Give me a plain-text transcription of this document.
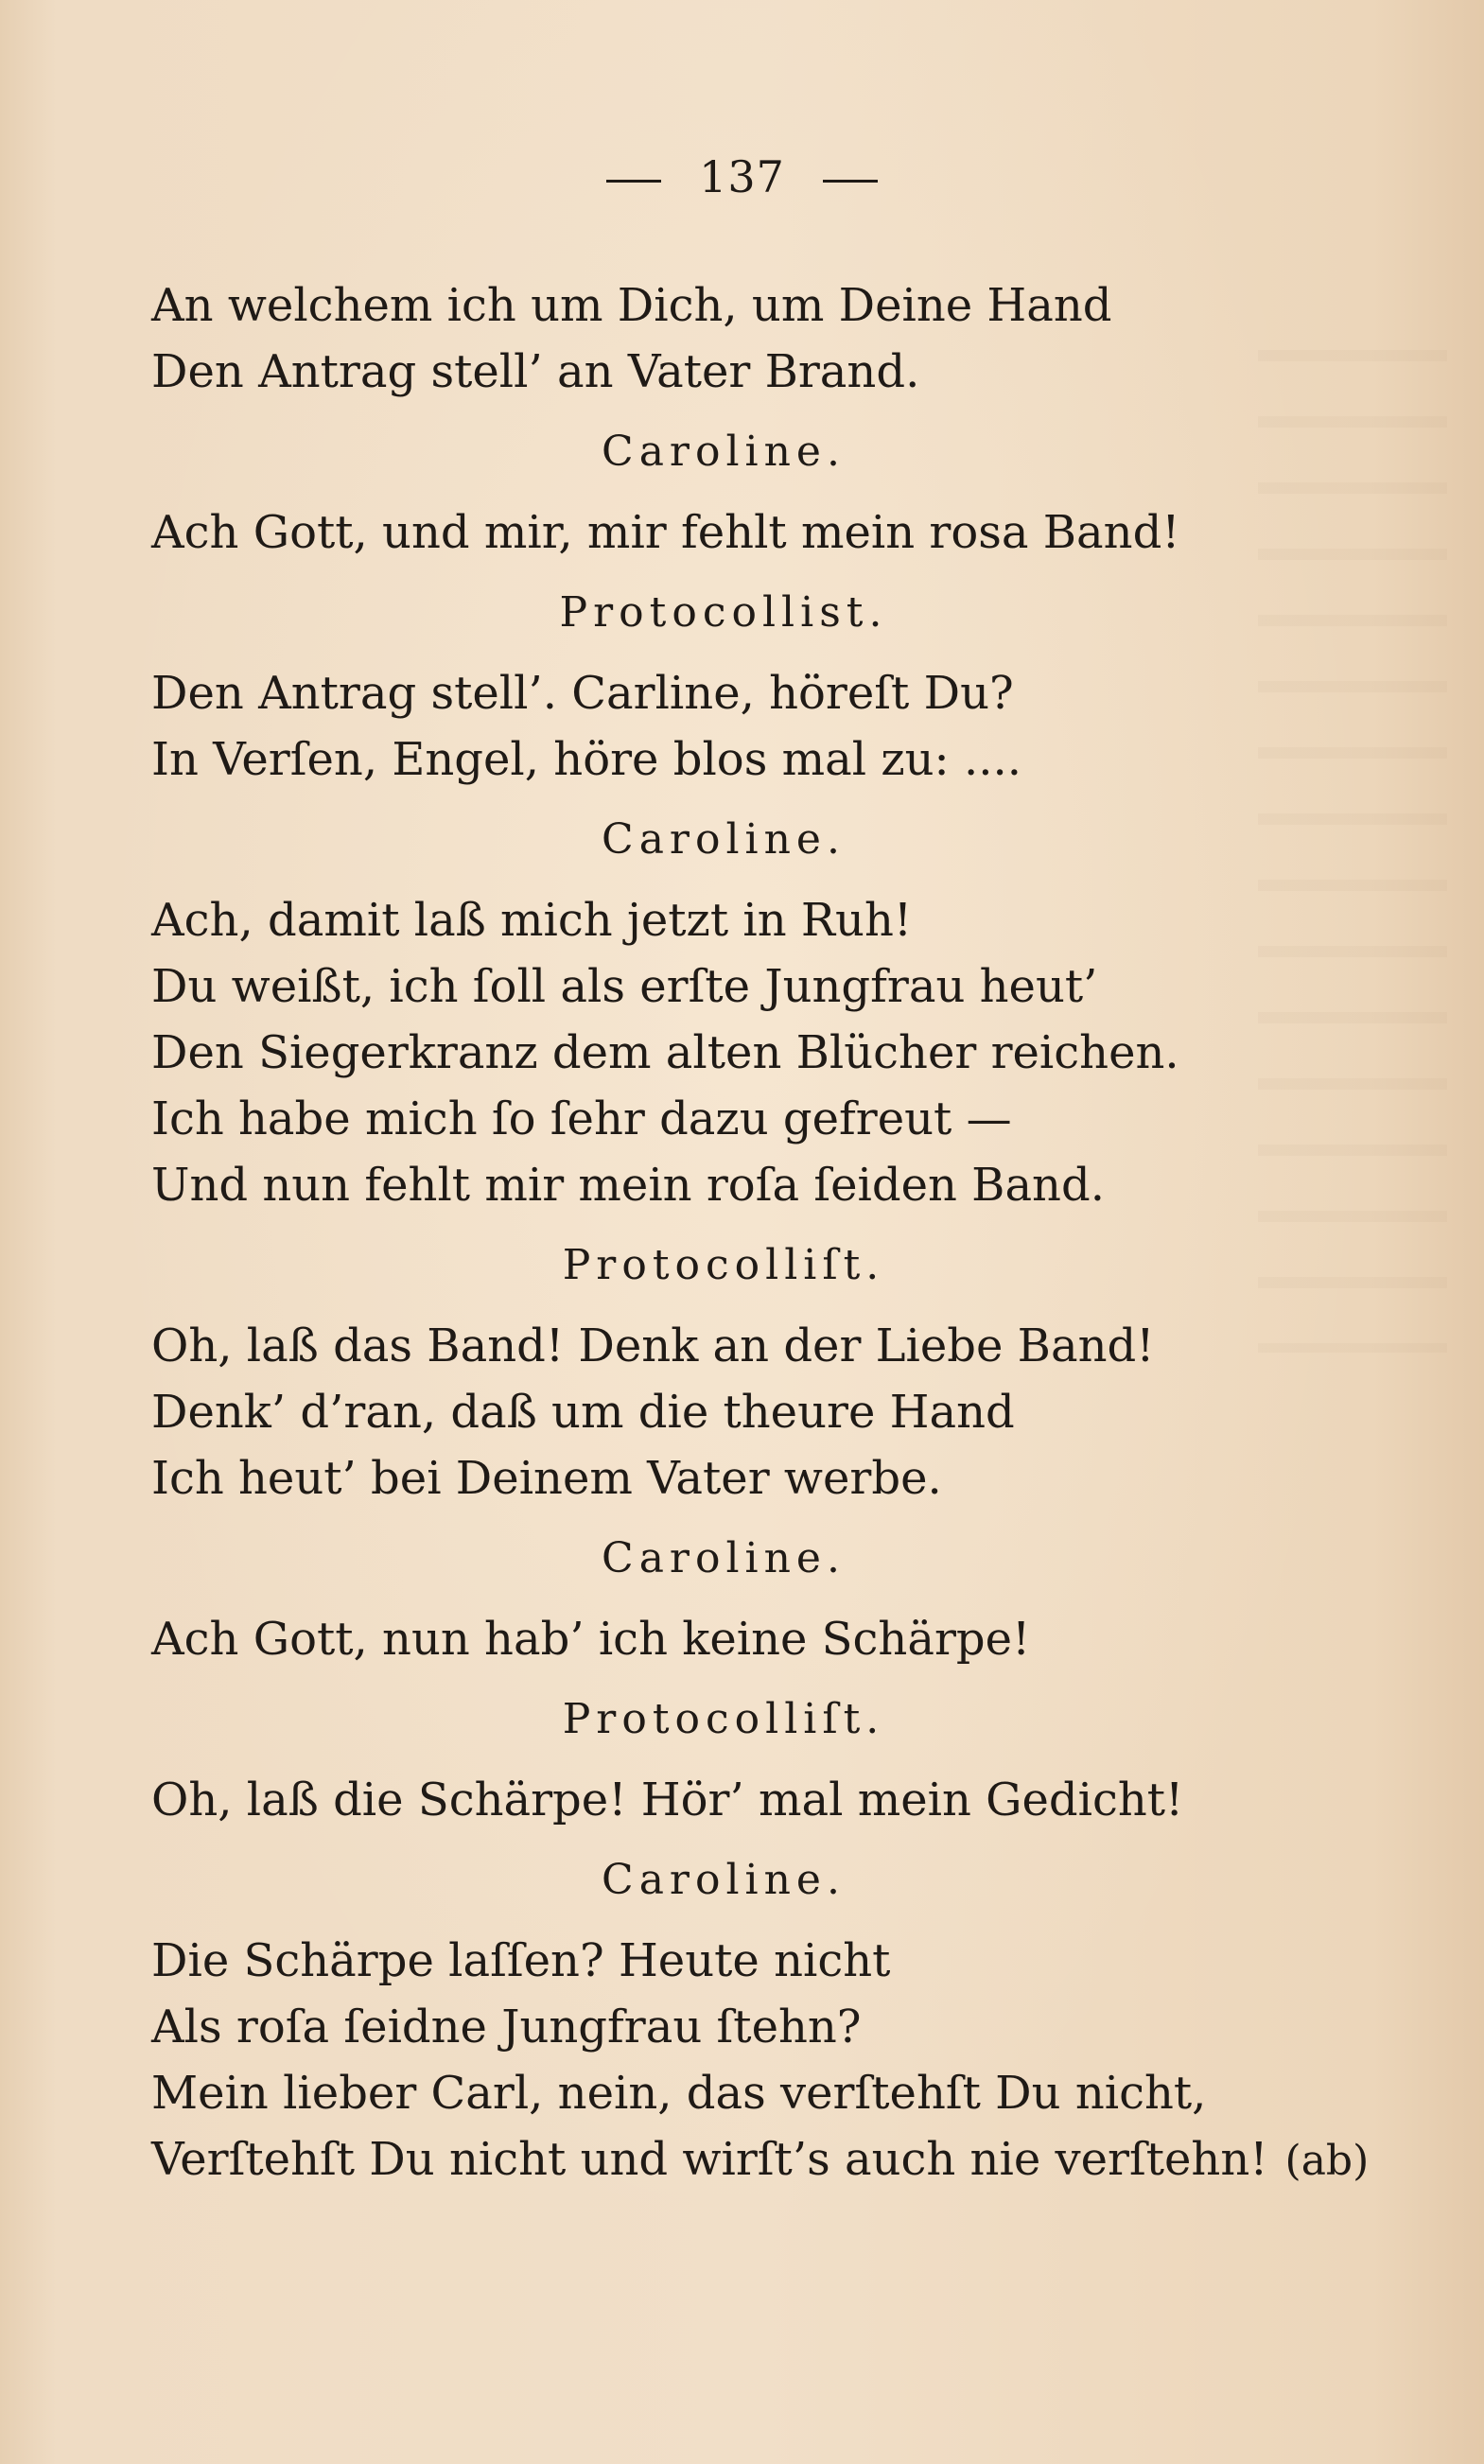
137
An welchem ich um Dich, um Deine Hand
Den Antrag stell’ an Vater Brand.
Caroline.
Ach Gott, und mir, mir fehlt mein rosa Band!
Protocollist.
Den Antrag stell’. Carline, höreſt Du?
In Verſen, Engel, höre blos mal zu: ....
Caroline.
Ach, damit laß mich jetzt in Ruh!
Du weißt, ich ſoll als erſte Jungfrau heut’
Den Siegerkranz dem alten Blücher reichen.
Ich habe mich ſo ſehr dazu gefreut —
Und nun fehlt mir mein roſa ſeiden Band.
Protocolliſt.
Oh, laß das Band! Denk an der Liebe Band!
Denk’ d’ran, daß um die theure Hand
Ich heut’ bei Deinem Vater werbe.
Caroline.
Ach Gott, nun hab’ ich keine Schärpe!
Protocolliſt.
Oh, laß die Schärpe! Hör’ mal mein Gedicht!
Caroline.
Die Schärpe laſſen? Heute nicht
Als roſa ſeidne Jungfrau ſtehn?
Mein lieber Carl, nein, das verſtehſt Du nicht,
Verſtehſt Du nicht und wirſt’s auch nie verſtehn! (ab)
